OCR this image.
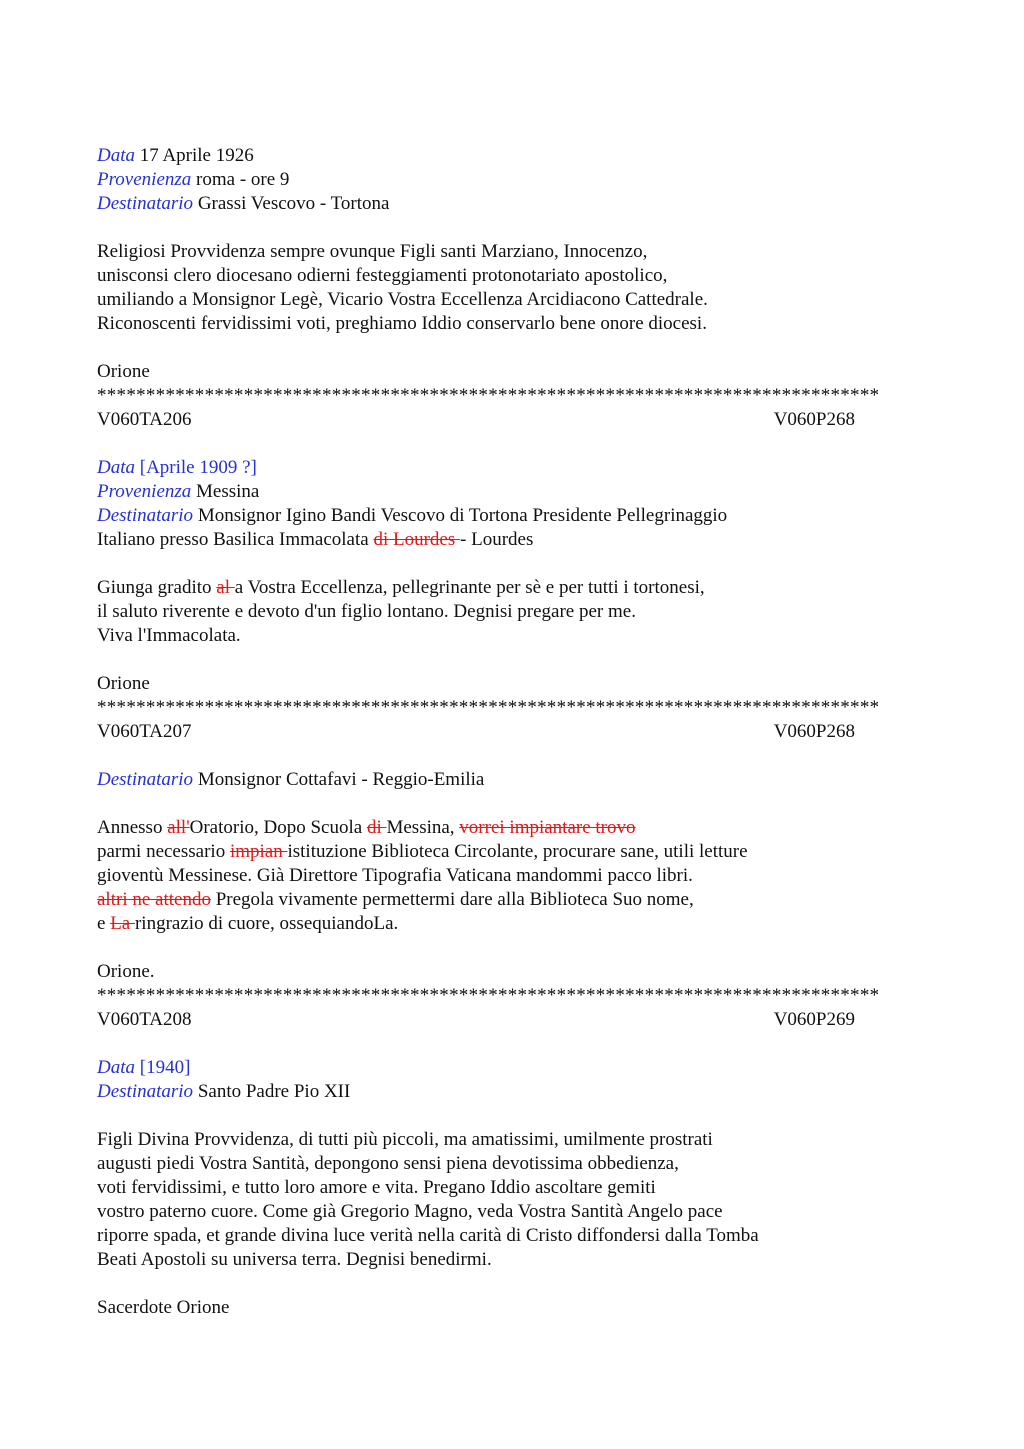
Data 17 Aprile 1926
Provenienza roma - ore 9
Destinatario Grassi Vescovo - Tortona
Religiosi Provvidenza sempre ovunque Figli santi Marziano, Innocenzo,
unisconsi clero diocesano odierni festeggiamenti protonotariato apostolico,
umiliando a Monsignor Legè, Vicario Vostra Eccellenza Arcidiacono Cattedrale.
Riconoscenti fervidissimi voti, preghiamo Iddio conservarlo bene onore diocesi.
Orione
********************************************************************************
V060TA206	V060P268
Data [Aprile 1909 ?]
Provenienza Messina
Destinatario Monsignor Igino Bandi Vescovo di Tortona Presidente Pellegrinaggio
Italiano presso Basilica Immacolata di Lourdes - Lourdes
Giunga gradito al a Vostra Eccellenza, pellegrinante per sè e per tutti i tortonesi,
il saluto riverente e devoto d'un figlio lontano. Degnisi pregare per me.
Viva l'Immacolata.
Orione
********************************************************************************
V060TA207	V060P268
Destinatario Monsignor Cottafavi - Reggio-Emilia
Annesso all'Oratorio, Dopo Scuola di Messina, vorrei impiantare trovo
parmi necessario impian istituzione Biblioteca Circolante, procurare sane, utili letture
gioventù Messinese. Già Direttore Tipografia Vaticana mandommi pacco libri.
altri ne attendo Pregola vivamente permettermi dare alla Biblioteca Suo nome,
e La ringrazio di cuore, ossequiandoLa.
Orione.
********************************************************************************
V060TA208	V060P269
Data [1940]
Destinatario Santo Padre Pio XII
Figli Divina Provvidenza, di tutti più piccoli, ma amatissimi, umilmente prostrati
augusti piedi Vostra Santità, depongono sensi piena devotissima obbedienza,
voti fervidissimi, e tutto loro amore e vita. Pregano Iddio ascoltare gemiti
vostro paterno cuore. Come già Gregorio Magno, veda Vostra Santità Angelo pace
riporre spada, et grande divina luce verità nella carità di Cristo diffondersi dalla Tomba
Beati Apostoli su universa terra. Degnisi benedirmi.
Sacerdote Orione
